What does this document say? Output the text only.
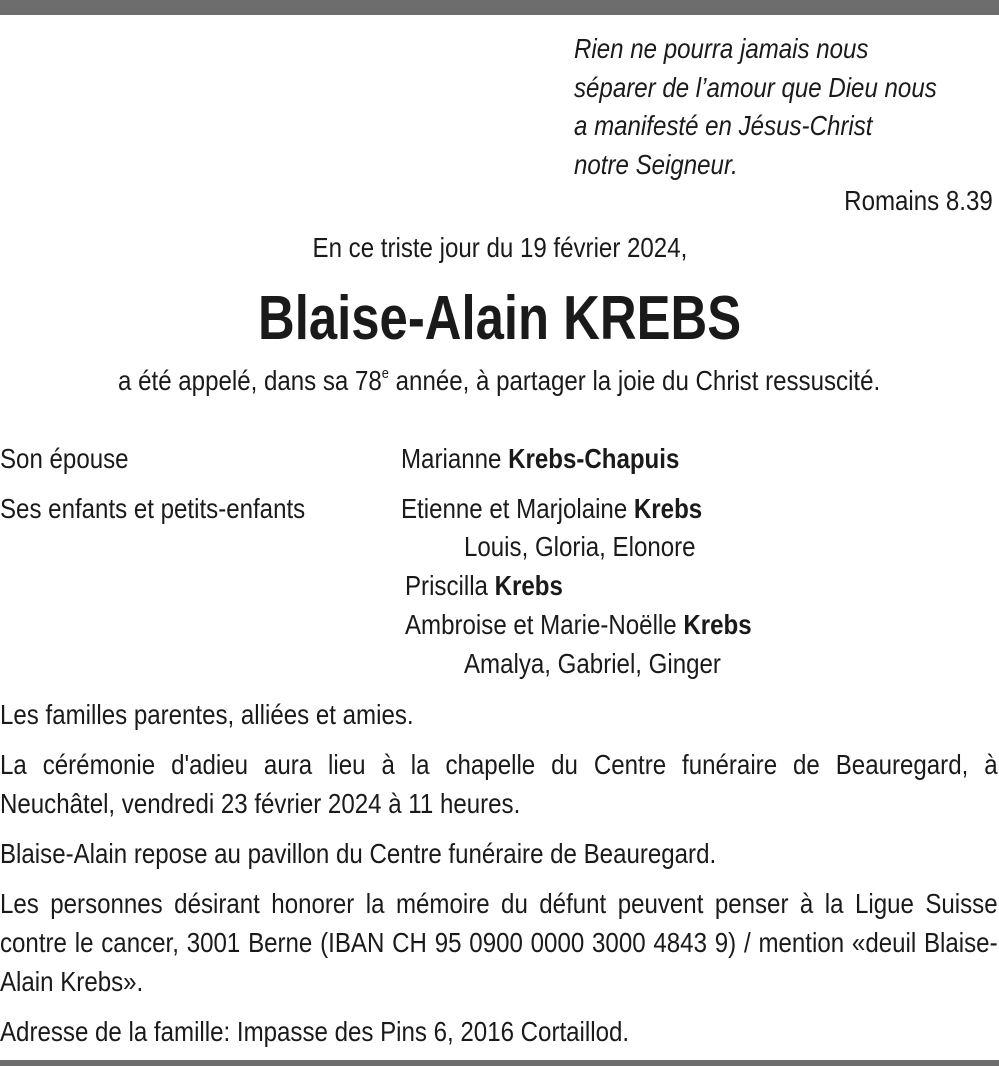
Rien ne pourra jamais nous
séparer de l’amour que Dieu nous
a manifesté en Jésus-Christ
notre Seigneur.
Romains 8.39
En ce triste jour du 19 février 2024,
Blaise-Alain KREBS
a été appelé, dans sa 78e année, à partager la joie du Christ ressuscité.
Son épouse	Marianne Krebs-Chapuis
Ses enfants et petits-enfants	Etienne et Marjolaine Krebs
Louis, Gloria, Elonore
Priscilla Krebs
Ambroise et Marie-Noëlle Krebs
Amalya, Gabriel, Ginger
Les familles parentes, alliées et amies.
La cérémonie d'adieu aura lieu à la chapelle du Centre funéraire de Beauregard, à Neuchâtel, vendredi 23 février 2024 à 11 heures.
Blaise-Alain repose au pavillon du Centre funéraire de Beauregard.
Les personnes désirant honorer la mémoire du défunt peuvent penser à la Ligue Suisse contre le cancer, 3001 Berne (IBAN CH 95 0900 0000 3000 4843 9) / mention «deuil Blaise-Alain Krebs».
Adresse de la famille: Impasse des Pins 6, 2016 Cortaillod.
